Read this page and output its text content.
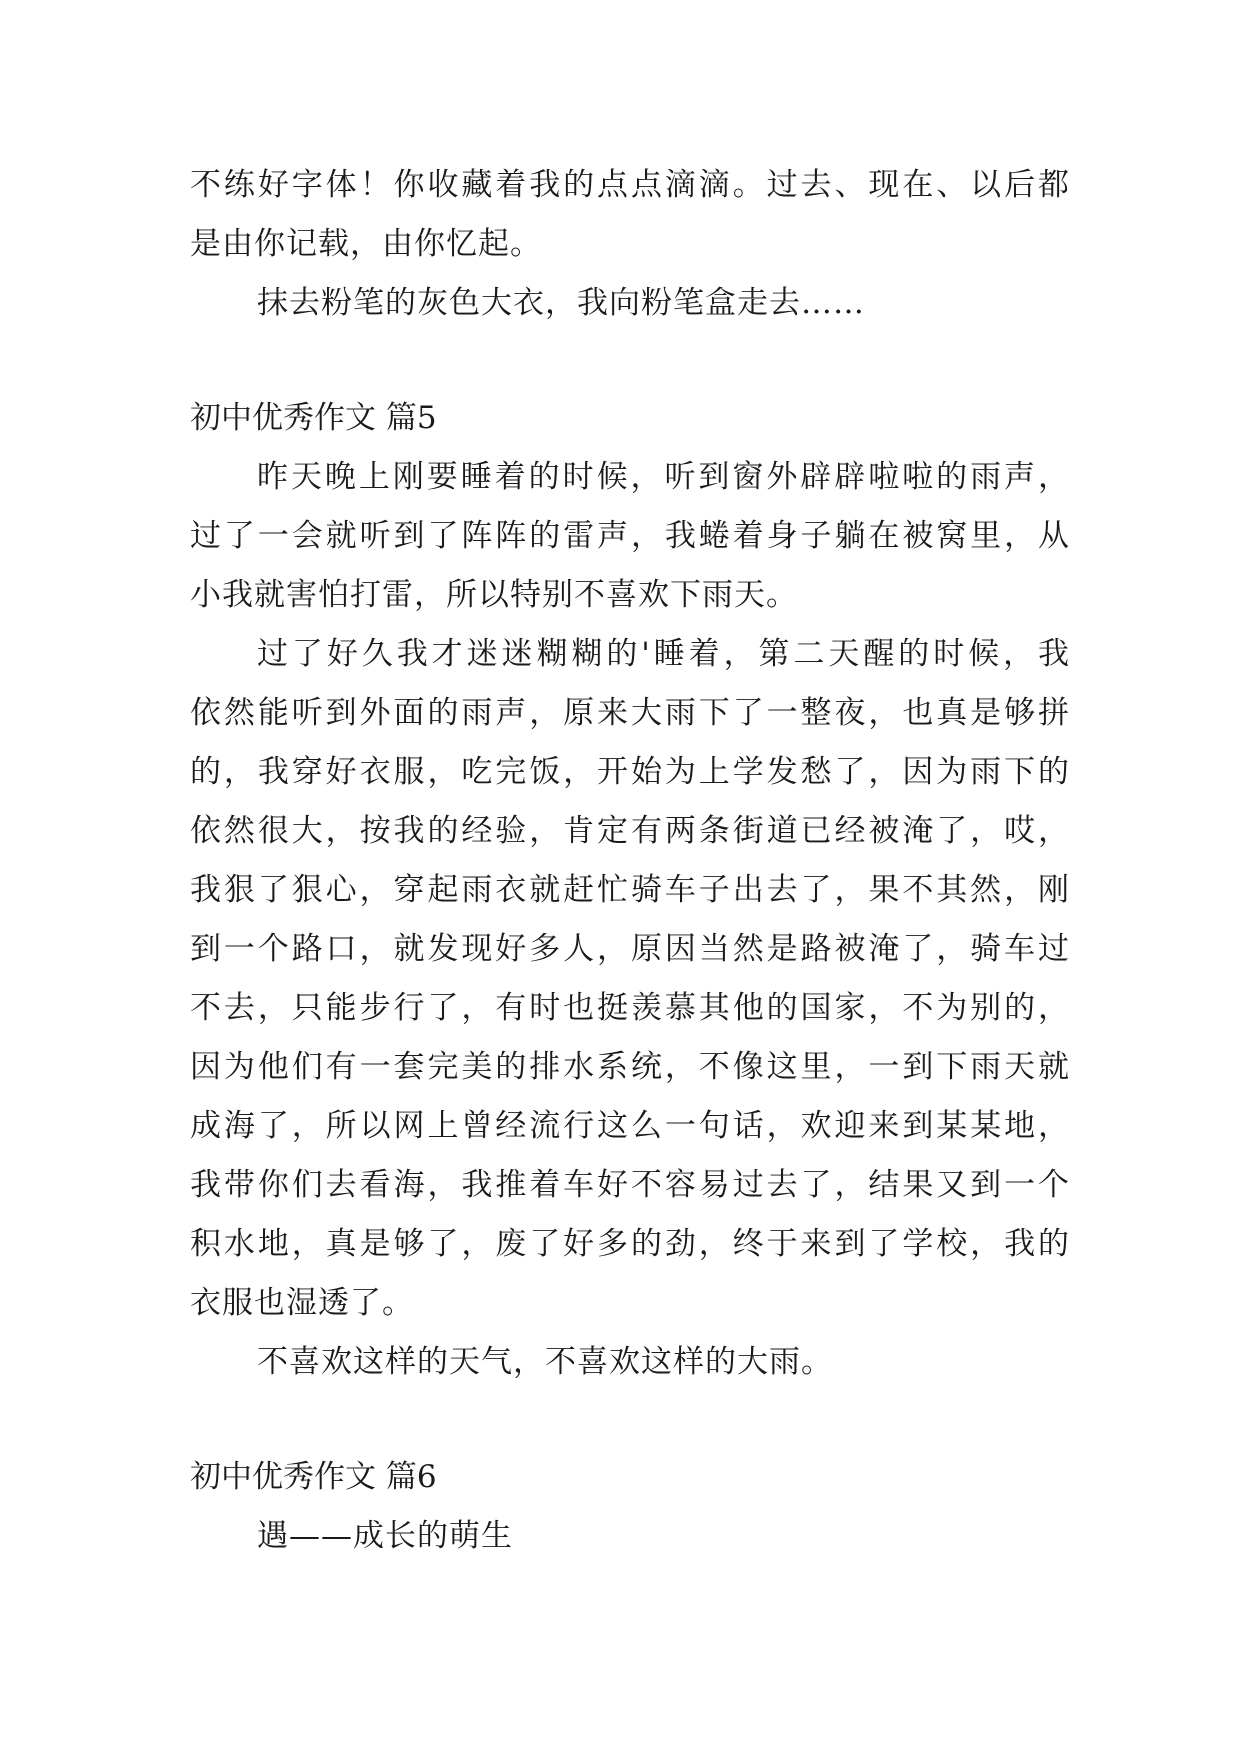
不练好字体！你收藏着我的点点滴滴。过去、现在、以后都
是由你记载，由你忆起。
抹去粉笔的灰色大衣，我向粉笔盒走去……
初中优秀作文 篇5
昨天晚上刚要睡着的时候，听到窗外辟辟啦啦的雨声，
过了一会就听到了阵阵的雷声，我蜷着身子躺在被窝里，从
小我就害怕打雷，所以特别不喜欢下雨天。
过了好久我才迷迷糊糊的'睡着，第二天醒的时候，我
依然能听到外面的雨声，原来大雨下了一整夜，也真是够拼
的，我穿好衣服，吃完饭，开始为上学发愁了，因为雨下的
依然很大，按我的经验，肯定有两条街道已经被淹了，哎，
我狠了狠心，穿起雨衣就赶忙骑车子出去了，果不其然，刚
到一个路口，就发现好多人，原因当然是路被淹了，骑车过
不去，只能步行了，有时也挺羡慕其他的国家，不为别的，
因为他们有一套完美的排水系统，不像这里，一到下雨天就
成海了，所以网上曾经流行这么一句话，欢迎来到某某地，
我带你们去看海，我推着车好不容易过去了，结果又到一个
积水地，真是够了，废了好多的劲，终于来到了学校，我的
衣服也湿透了。
不喜欢这样的天气，不喜欢这样的大雨。
初中优秀作文 篇6
遇——成长的萌生
